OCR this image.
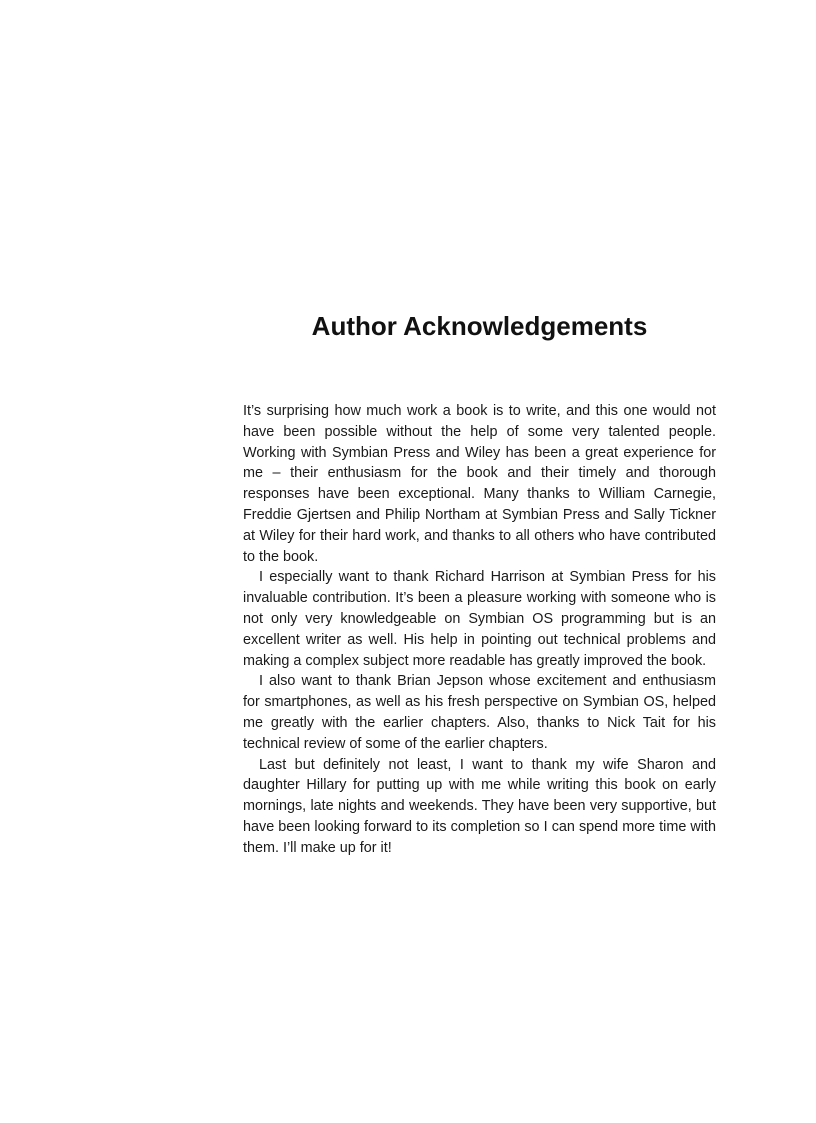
Author Acknowledgements

It’s surprising how much work a book is to write, and this one would not have been possible without the help of some very talented people. Working with Symbian Press and Wiley has been a great experience for me – their enthusiasm for the book and their timely and thorough responses have been exceptional. Many thanks to William Carnegie, Freddie Gjertsen and Philip Northam at Symbian Press and Sally Tickner at Wiley for their hard work, and thanks to all others who have contributed to the book.

I especially want to thank Richard Harrison at Symbian Press for his invaluable contribution. It’s been a pleasure working with someone who is not only very knowledgeable on Symbian OS programming but is an excellent writer as well. His help in pointing out technical problems and making a complex subject more readable has greatly improved the book.

I also want to thank Brian Jepson whose excitement and enthusiasm for smartphones, as well as his fresh perspective on Symbian OS, helped me greatly with the earlier chapters. Also, thanks to Nick Tait for his technical review of some of the earlier chapters.

Last but definitely not least, I want to thank my wife Sharon and daughter Hillary for putting up with me while writing this book on early mornings, late nights and weekends. They have been very supportive, but have been looking forward to its completion so I can spend more time with them. I’ll make up for it!
